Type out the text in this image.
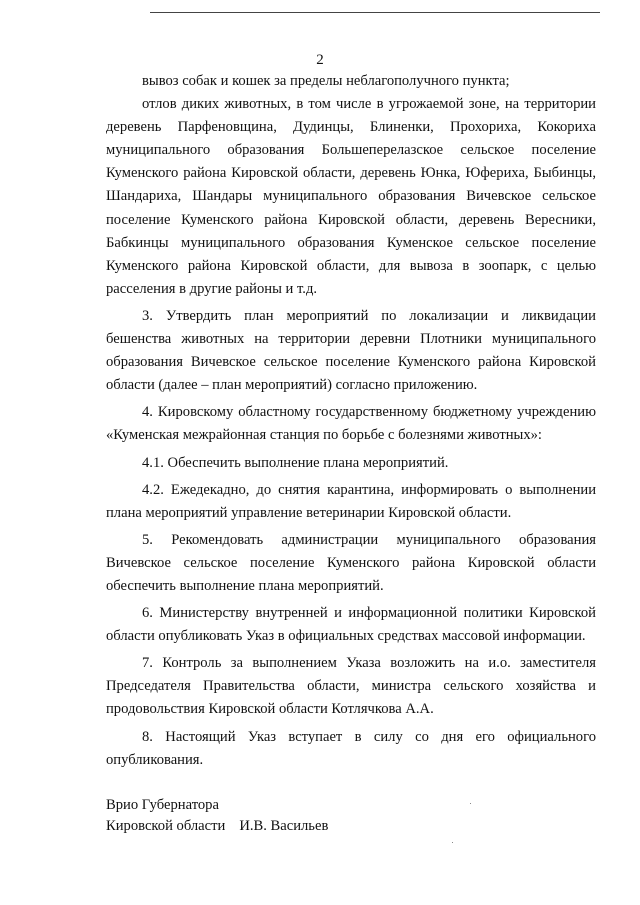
2

вывоз собак и кошек за пределы неблагополучного пункта;

отлов диких животных, в том числе в угрожаемой зоне, на территории деревень Парфеновщина, Дудинцы, Блиненки, Прохориха, Кокориха муниципального образования Большеперелазское сельское поселение Куменского района Кировской области, деревень Юнка, Юфериха, Быбинцы, Шандариха, Шандары муниципального образования Вичевское сельское поселение Куменского района Кировской области, деревень Вересники, Бабкинцы муниципального образования Куменское сельское поселение Куменского района Кировской области, для вывоза в зоопарк, с целью расселения в другие районы и т.д.

3. Утвердить план мероприятий по локализации и ликвидации бешенства животных на территории деревни Плотники муниципального образования Вичевское сельское поселение Куменского района Кировской области (далее – план мероприятий) согласно приложению.

4. Кировскому областному государственному бюджетному учреждению «Куменская межрайонная станция по борьбе с болезнями животных»:

4.1. Обеспечить выполнение плана мероприятий.

4.2. Ежедекадно, до снятия карантина, информировать о выполнении плана мероприятий управление ветеринарии Кировской области.

5. Рекомендовать администрации муниципального образования Вичевское сельское поселение Куменского района Кировской области обеспечить выполнение плана мероприятий.

6. Министерству внутренней и информационной политики Кировской области опубликовать Указ в официальных средствах массовой информации.

7. Контроль за выполнением Указа возложить на и.о. заместителя Председателя Правительства области, министра сельского хозяйства и продовольствия Кировской области Котлячкова А.А.

8. Настоящий Указ вступает в силу со дня его официального опубликования.

Врио Губернатора
Кировской области И.В. Васильев
